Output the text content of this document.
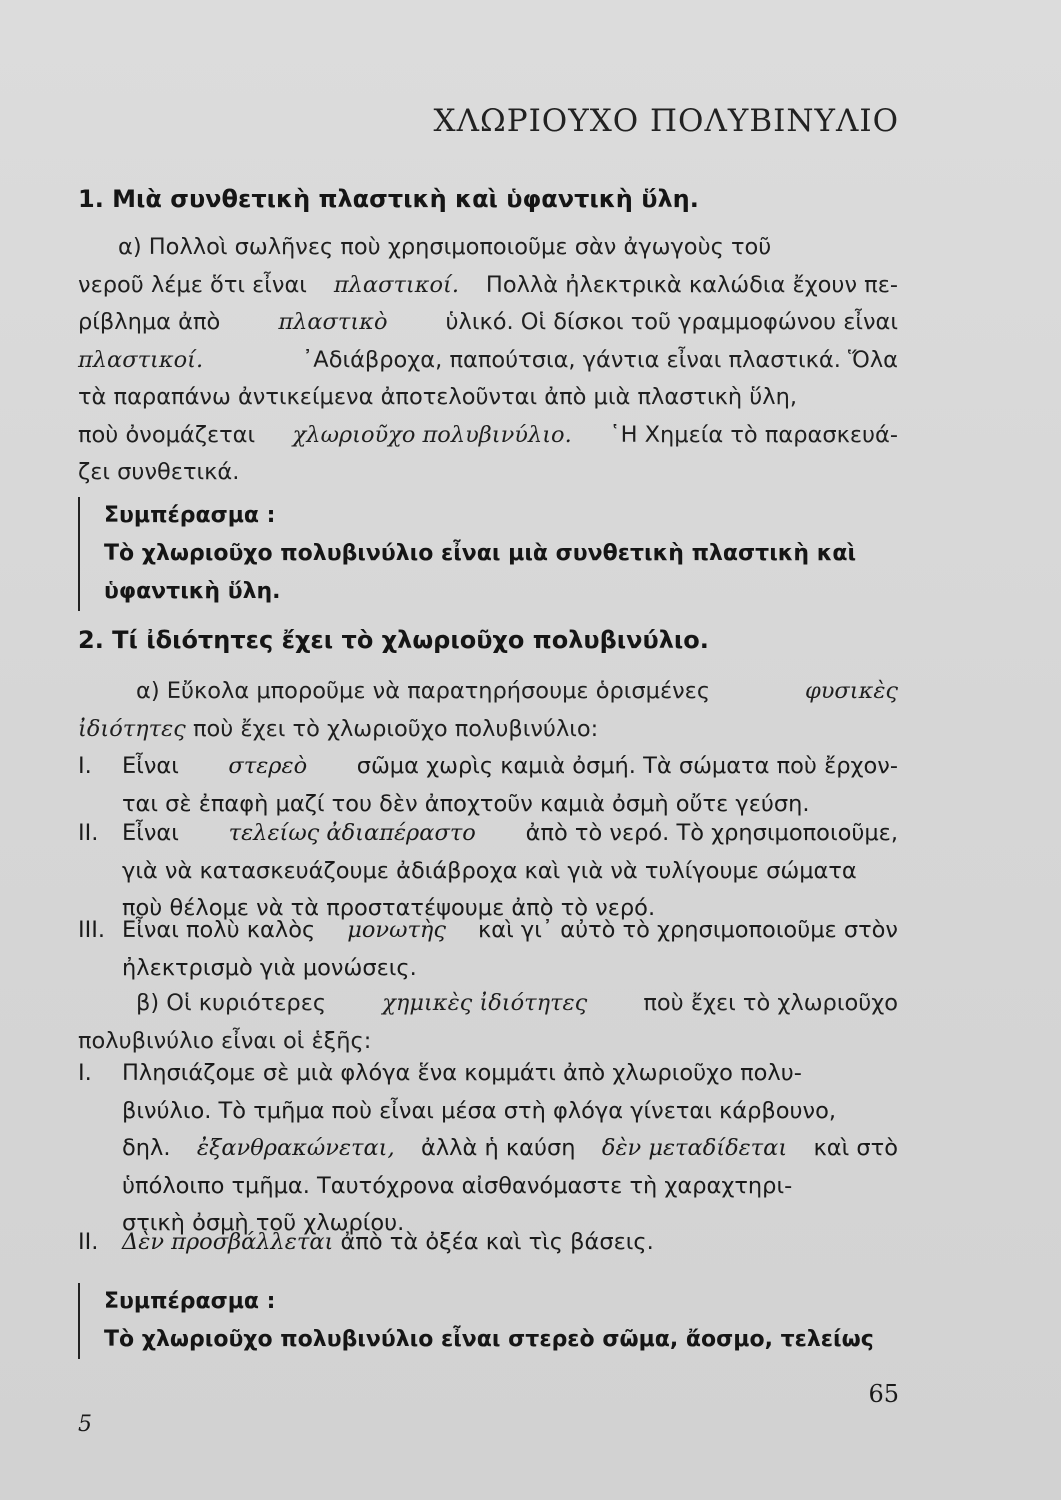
ΧΛΩΡΙΟΥΧΟ ΠΟΛΥΒΙΝΥΛΙΟ
1. Μιὰ συνθετικὴ πλαστικὴ καὶ ὑφαντικὴ ὕλη.
α) Πολλοὶ σωλῆνες ποὺ χρησιμοποιοῦμε σὰν ἀγωγοὺς τοῦ
νεροῦ λέμε ὅτι εἶναι πλαστικοί. Πολλὰ ἠλεκτρικὰ καλώδια ἔχουν πε-
ρίβλημα ἀπὸ	πλαστικὸ	ὑλικό. Οἱ δίσκοι τοῦ γραμμοφώνου εἶναι
πλαστικοί.	᾽Αδιάβροχα, παπούτσια, γάντια εἶναι πλαστικά. Ὅλα
τὰ παραπάνω ἀντικείμενα ἀποτελοῦνται ἀπὸ μιὰ πλαστικὴ ὕλη,
ποὺ ὀνομάζεται χλωριοῦχο πολυβινύλιο. ῾Η Χημεία τὸ παρασκευά-
ζει συνθετικά.
Συμπέρασμα :
Τὸ χλωριοῦχο πολυβινύλιο εἶναι μιὰ συνθετικὴ πλαστικὴ καὶ
ὑφαντικὴ ὕλη.
2. Τί ἰδιότητες ἔχει τὸ χλωριοῦχο πολυβινύλιο.
α) Εὔκολα μποροῦμε νὰ παρατηρήσουμε ὁρισμένες	φυσικὲς
ἰδιότητες ποὺ ἔχει τὸ χλωριοῦχο πολυβινύλιο:
I. Εἶναι στερεὸ σῶμα χωρὶς καμιὰ ὀσμή. Τὰ σώματα ποὺ ἔρχον-
ται σὲ ἐπαφὴ μαζί του δὲν ἀποχτοῦν καμιὰ ὀσμὴ οὔτε γεύση.
II. Εἶναι τελείως ἀδιαπέραστο ἀπὸ τὸ νερό. Τὸ χρησιμοποιοῦμε,
γιὰ νὰ κατασκευάζουμε ἀδιάβροχα καὶ γιὰ νὰ τυλίγουμε σώματα
ποὺ θέλομε νὰ τὰ προστατέψουμε ἀπὸ τὸ νερό.
III. Εἶναι πολὺ καλὸς μονωτὴς καὶ γι᾽ αὐτὸ τὸ χρησιμοποιοῦμε στὸν
ἠλεκτρισμὸ γιὰ μονώσεις.
β) Οἱ κυριότερες χημικὲς ἰδιότητες ποὺ ἔχει τὸ χλωριοῦχο
πολυβινύλιο εἶναι οἱ ἑξῆς:
I. Πλησιάζομε σὲ μιὰ φλόγα ἕνα κομμάτι ἀπὸ χλωριοῦχο πολυ-
βινύλιο. Τὸ τμῆμα ποὺ εἶναι μέσα στὴ φλόγα γίνεται κάρβουνο,
δηλ. ἐξανθρακώνεται, ἀλλὰ ἡ καύση δὲν μεταδίδεται καὶ στὸ
ὑπόλοιπο τμῆμα. Ταυτόχρονα αἰσθανόμαστε τὴ χαραχτηρι-
στικὴ ὀσμὴ τοῦ χλωρίου.
II. Δὲν προσβάλλεται ἀπὸ τὰ ὀξέα καὶ τὶς βάσεις.
Συμπέρασμα :
Τὸ χλωριοῦχο πολυβινύλιο εἶναι στερεὸ σῶμα, ἄοσμο, τελείως
65
5
